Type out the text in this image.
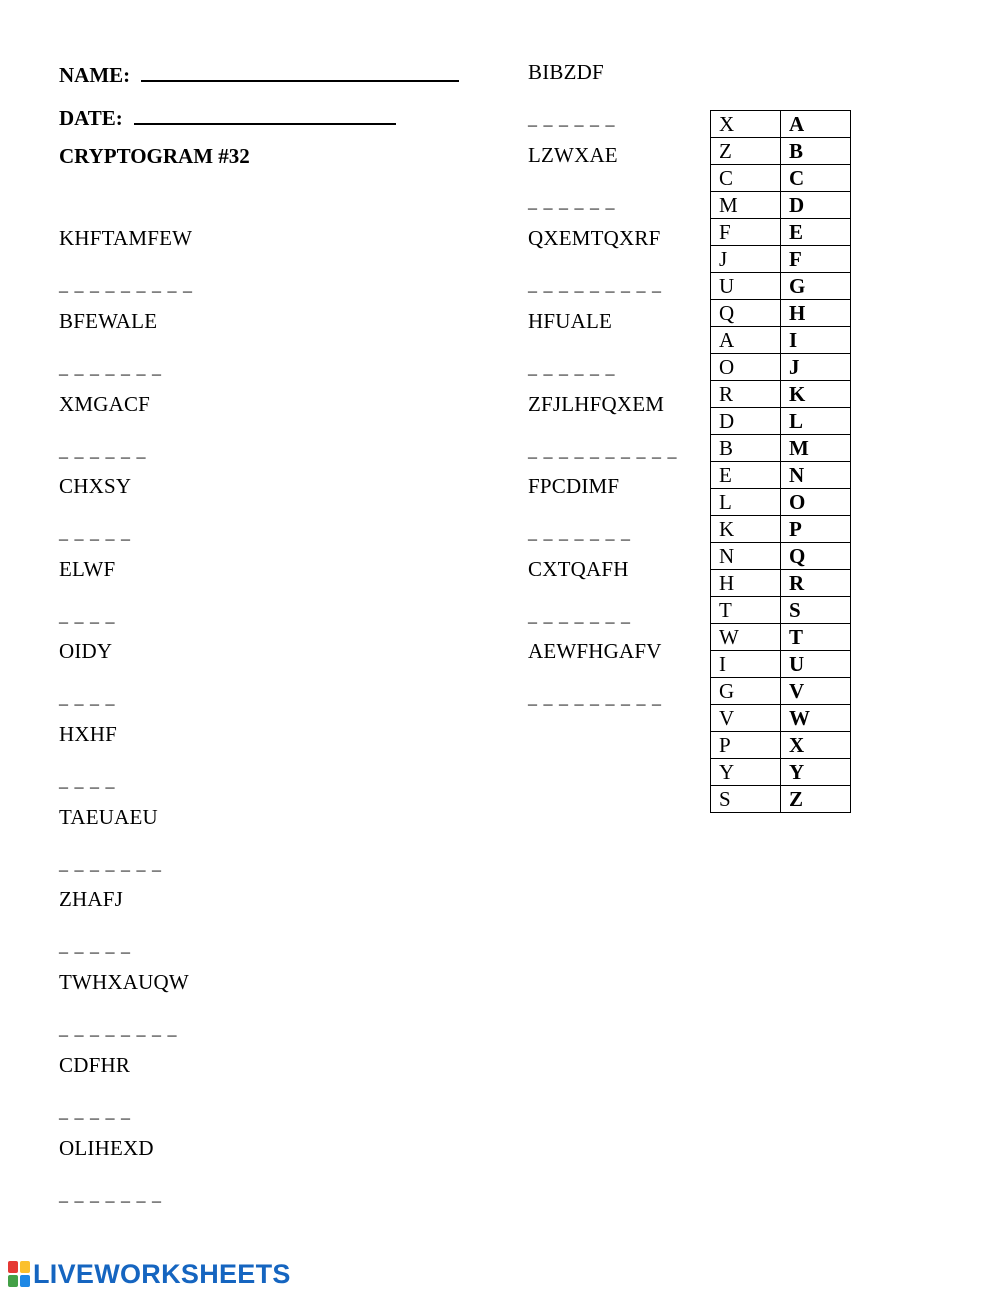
NAME:
DATE:
CRYPTOGRAM #32
KHFTAMFEW
_ _ _ _ _ _ _ _ _
BFEWALE
_ _ _ _ _ _ _
XMGACF
_ _ _ _ _ _
CHXSY
_ _ _ _ _
ELWF
_ _ _ _
OIDY
_ _ _ _
HXHF
_ _ _ _
TAEUAEU
_ _ _ _ _ _ _
ZHAFJ
_ _ _ _ _
TWHXAUQW
_ _ _ _ _ _ _ _
CDFHR
_ _ _ _ _
OLIHEXD
_ _ _ _ _ _ _
BIBZDF
_ _ _ _ _ _
LZWXAE
_ _ _ _ _ _
QXEMTQXRF
_ _ _ _ _ _ _ _ _
HFUALE
_ _ _ _ _ _
ZFJLHFQXEM
_ _ _ _ _ _ _ _ _ _
FPCDIMF
_ _ _ _ _ _ _
CXTQAFH
_ _ _ _ _ _ _
AEWFHGAFV
_ _ _ _ _ _ _ _ _
X	A
Z	B
C	C
M	D
F	E
J	F
U	G
Q	H
A	I
O	J
R	K
D	L
B	M
E	N
L	O
K	P
N	Q
H	R
T	S
W	T
I	U
G	V
V	W
P	X
Y	Y
S	Z
LIVEWORKSHEETS
